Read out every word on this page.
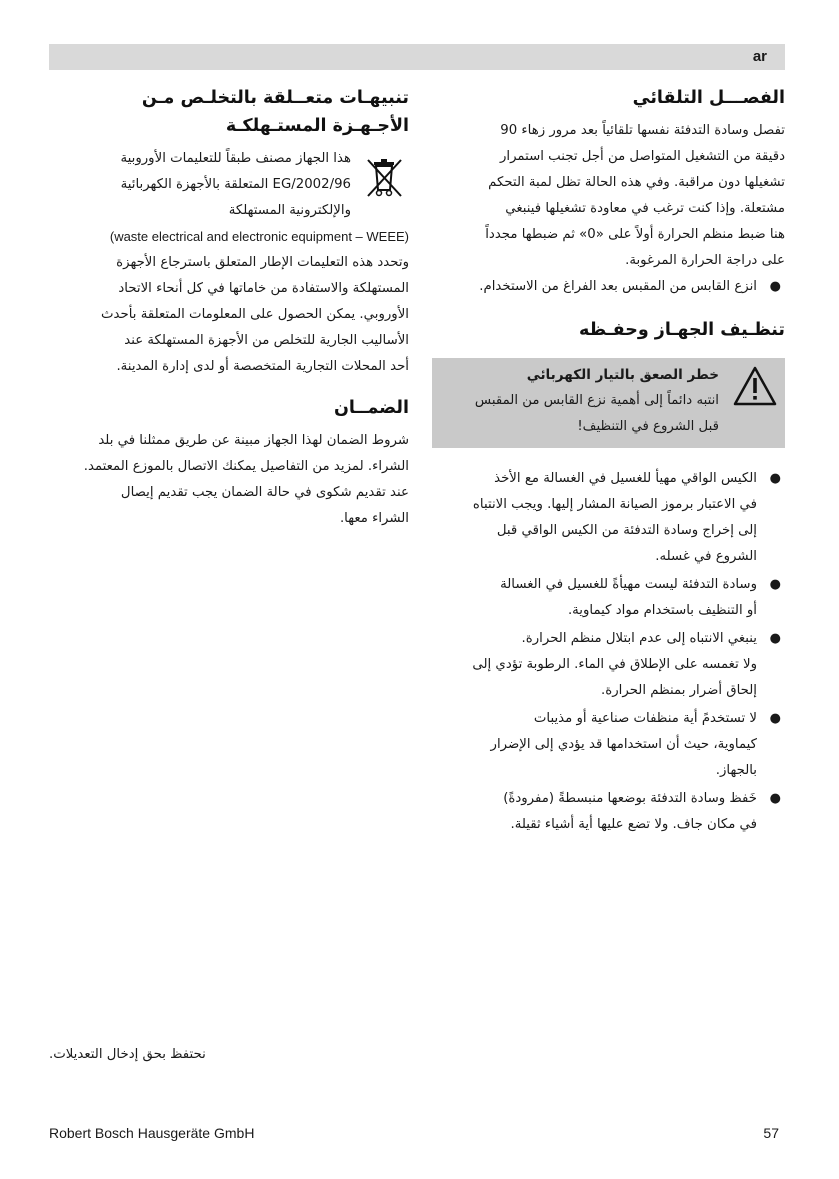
ar
الفصـــل التلقائي

تفصل وسادة التدفئة نفسها تلقائياً بعد مرور زهاء 90

دقيقة من التشغيل المتواصل من أجل تجنب استمرار

تشغيلها دون مراقبة. وفي هذه الحالة تظل لمبة التحكم

مشتعلة. وإذا كنت ترغب في معاودة تشغيلها فينبغي

هنا ضبط منظم الحرارة أولاً على «0» ثم ضبطها مجدداً

على دراجة الحرارة المرغوبة.

●
انزع القابس من المقبس بعد الفراغ من الاستخدام.
تنظـيف الجهـاز وحفـظه
خطر الصعق بالتيار الكهربائي

انتبه دائماً إلى أهمية نزع القابس من المقبس

قبل الشروع في التنظيف!

●
الكيس الواقي مهيأ للغسيل في الغسالة مع الأخذ
في الاعتبار برموز الصيانة المشار إليها. ويجب الانتباه
إلى إخراج وسادة التدفئة من الكيس الواقي قبل
الشروع في غسله.
●
وسادة التدفئة ليست مهيأةً للغسيل في الغسالة
أو التنظيف باستخدام مواد كيماوية.
●
ينبغي الانتباه إلى عدم ابتلال منظم الحرارة.
ولا تغمسه على الإطلاق في الماء. الرطوبة تؤدي إلى
إلحاق أضرار بمنظم الحرارة.
●
لا تستخدمً أية منظفات صناعية أو مذيبات
كيماوية، حيث أن استخدامها قد يؤدي إلى الإضرار
بالجهاز.
●
خَفظ وسادة التدفئة بوضعها منبسطةً (مفرودةً)
في مكان جاف. ولا تضع عليها أية أشياء ثقيلة.
تنبيهـات متعــلقة بالتخلـص مـن
الأجـهـزة المستـهلكـة

هذا الجهاز مصنف طبقاً للتعليمات الأوروبية

2002/96/EG المتعلقة بالأجهزة الكهربائية

والإلكترونية المستهلكة

(waste electrical and electronic equipment – WEEE)

وتحدد هذه التعليمات الإطار المتعلق باسترجاع الأجهزة

المستهلكة والاستفادة من خاماتها في كل أنحاء الاتحاد

الأوروبي. يمكن الحصول على المعلومات المتعلقة بأحدث

الأساليب الجارية للتخلص من الأجهزة المستهلكة عند

أحد المحلات التجارية المتخصصة أو لدى إدارة المدينة.

الضمــان

شروط الضمان لهذا الجهاز مبينة عن طريق ممثلنا في بلد

الشراء. لمزيد من التفاصيل يمكنك الاتصال بالموزع المعتمد.

عند تقديم شكوى في حالة الضمان يجب تقديم إيصال

الشراء معها.

نحتفظ بحق إدخال التعديلات.
Robert Bosch Hausgeräte GmbH	57
